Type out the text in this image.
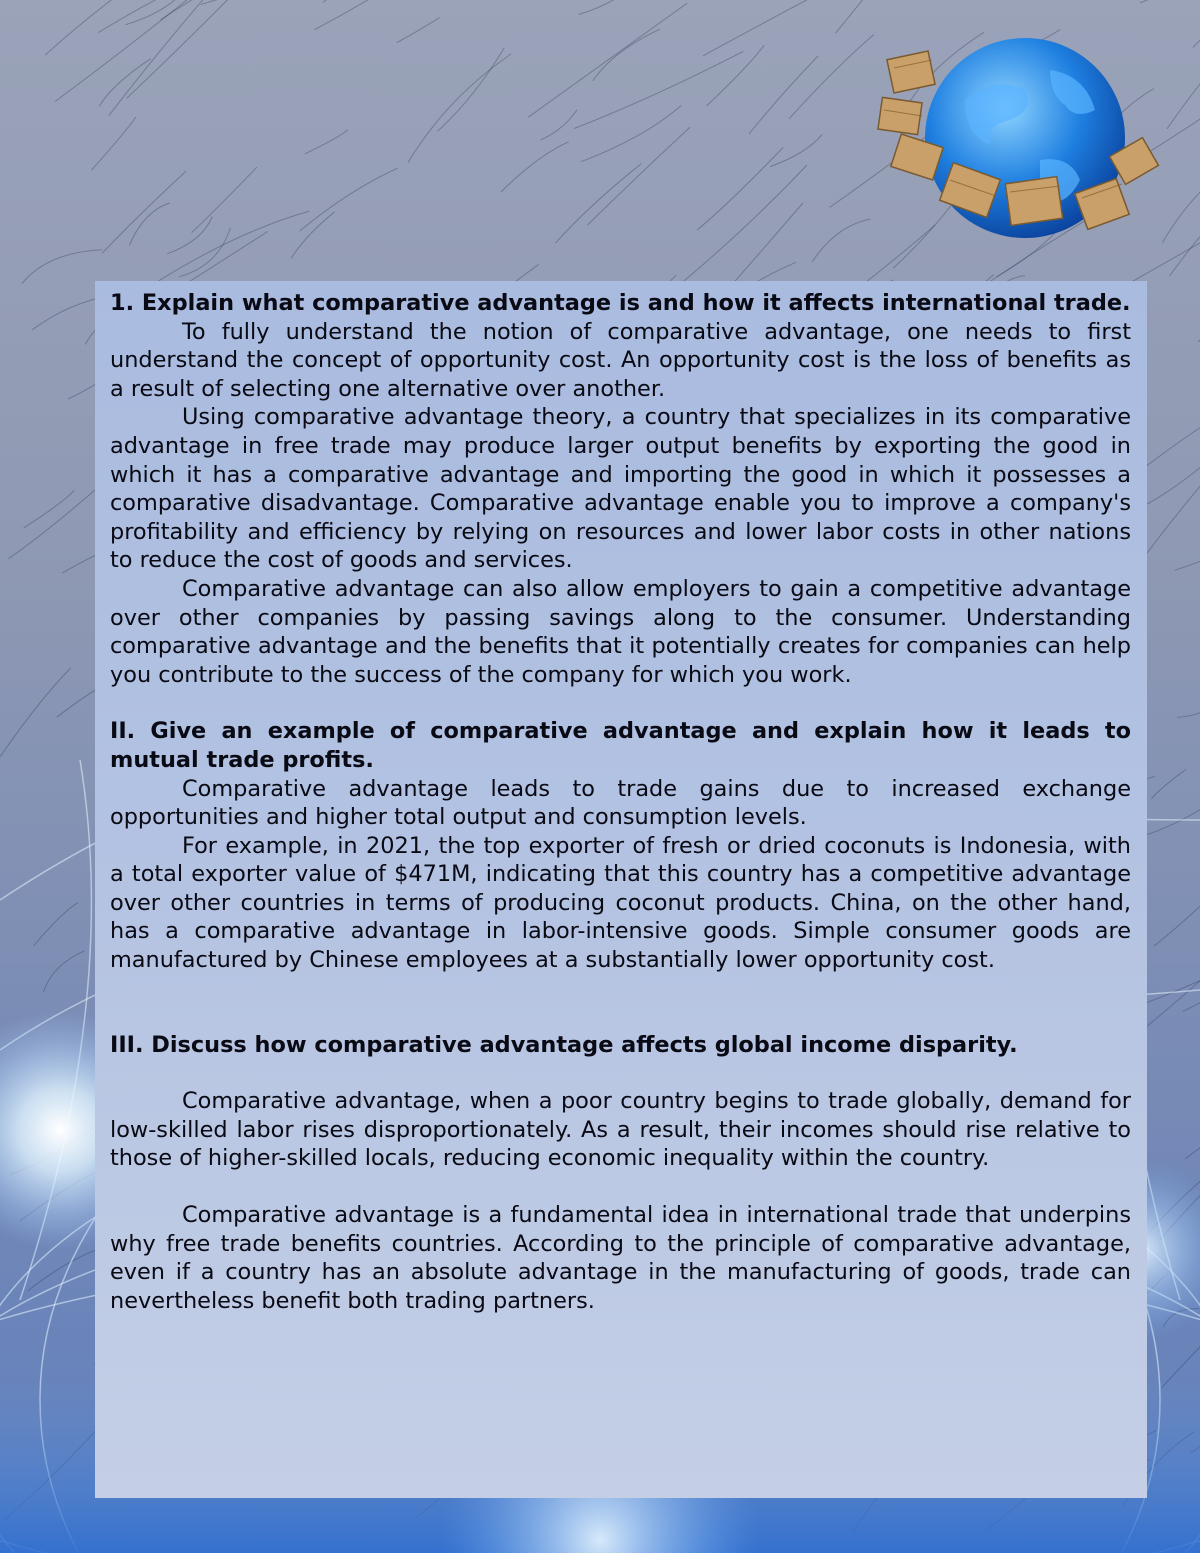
1. Explain what comparative advantage is and how it affects international trade.

To fully understand the notion of comparative advantage, one needs to first understand the concept of opportunity cost. An opportunity cost is the loss of benefits as a result of selecting one alternative over another.

Using comparative advantage theory, a country that specializes in its comparative advantage in free trade may produce larger output benefits by exporting the good in which it has a comparative advantage and importing the good in which it possesses a comparative disadvantage. Comparative advantage enable you to improve a company's profitability and efficiency by relying on resources and lower labor costs in other nations to reduce the cost of goods and services.

Comparative advantage can also allow employers to gain a competitive advantage over other companies by passing savings along to the consumer. Understanding comparative advantage and the benefits that it potentially creates for companies can help you contribute to the success of the company for which you work.

II. Give an example of comparative advantage and explain how it leads to mutual trade profits.

Comparative advantage leads to trade gains due to increased exchange opportunities and higher total output and consumption levels.

For example, in 2021, the top exporter of fresh or dried coconuts is Indonesia, with a total exporter value of $471M, indicating that this country has a competitive advantage over other countries in terms of producing coconut products. China, on the other hand, has a comparative advantage in labor-intensive goods. Simple consumer goods are manufactured by Chinese employees at a substantially lower opportunity cost.

III. Discuss how comparative advantage affects global income disparity.

Comparative advantage, when a poor country begins to trade globally, demand for low-skilled labor rises disproportionately. As a result, their incomes should rise relative to those of higher-skilled locals, reducing economic inequality within the country.

Comparative advantage is a fundamental idea in international trade that underpins why free trade benefits countries. According to the principle of comparative advantage, even if a country has an absolute advantage in the manufacturing of goods, trade can nevertheless benefit both trading partners.
